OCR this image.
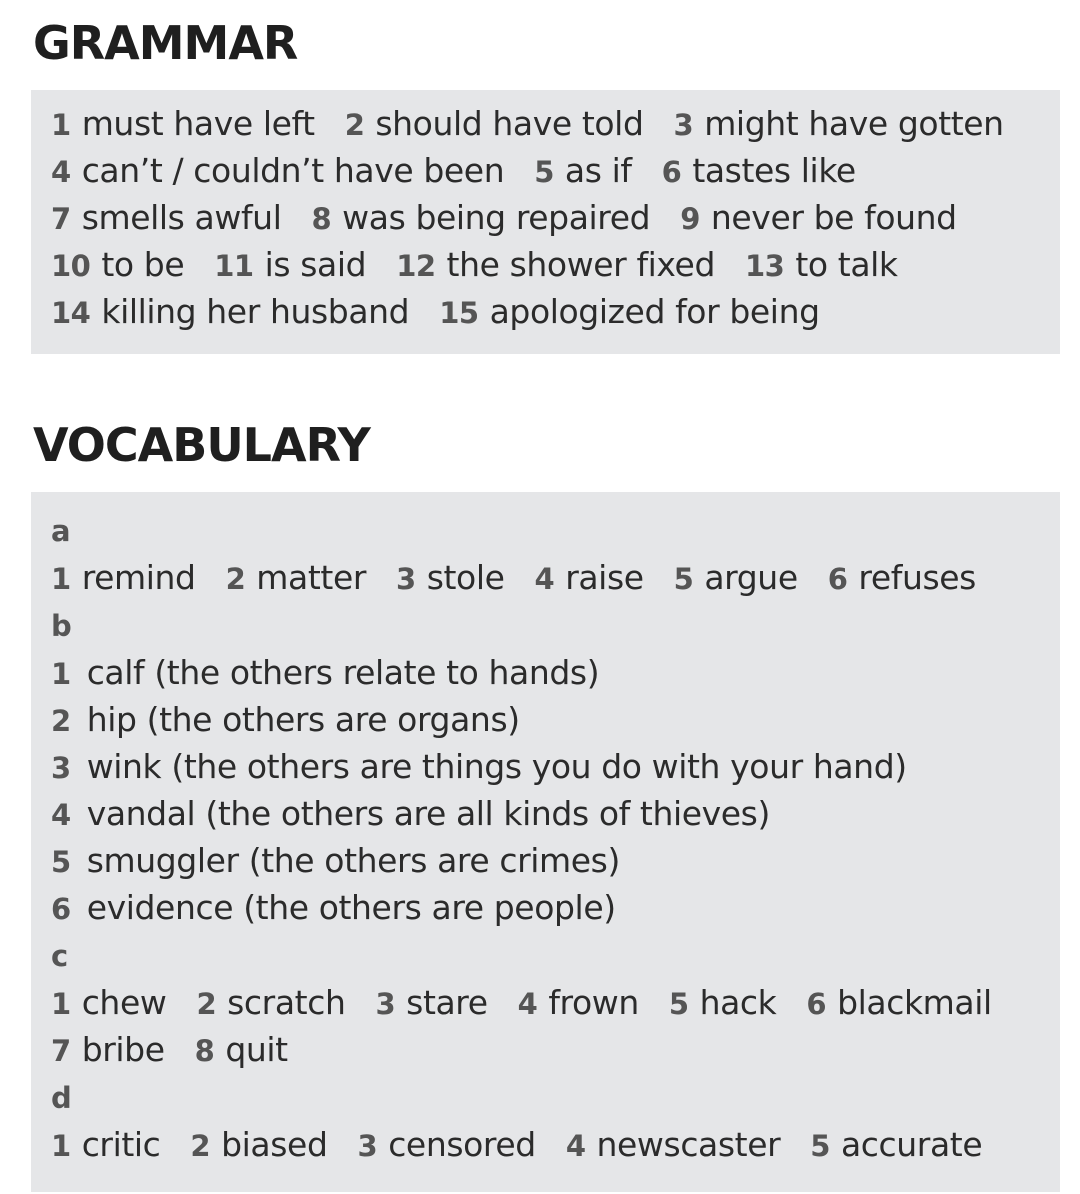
GRAMMAR
1 must have left 2 should have told 3 might have gotten
4 can’t / couldn’t have been 5 as if 6 tastes like
7 smells awful 8 was being repaired 9 never be found
10 to be 11 is said 12 the shower fixed 13 to talk
14 killing her husband 15 apologized for being
VOCABULARY
a
1 remind 2 matter 3 stole 4 raise 5 argue 6 refuses
b
1 calf (the others relate to hands)
2 hip (the others are organs)
3 wink (the others are things you do with your hand)
4 vandal (the others are all kinds of thieves)
5 smuggler (the others are crimes)
6 evidence (the others are people)
c
1 chew 2 scratch 3 stare 4 frown 5 hack 6 blackmail
7 bribe 8 quit
d
1 critic 2 biased 3 censored 4 newscaster 5 accurate
